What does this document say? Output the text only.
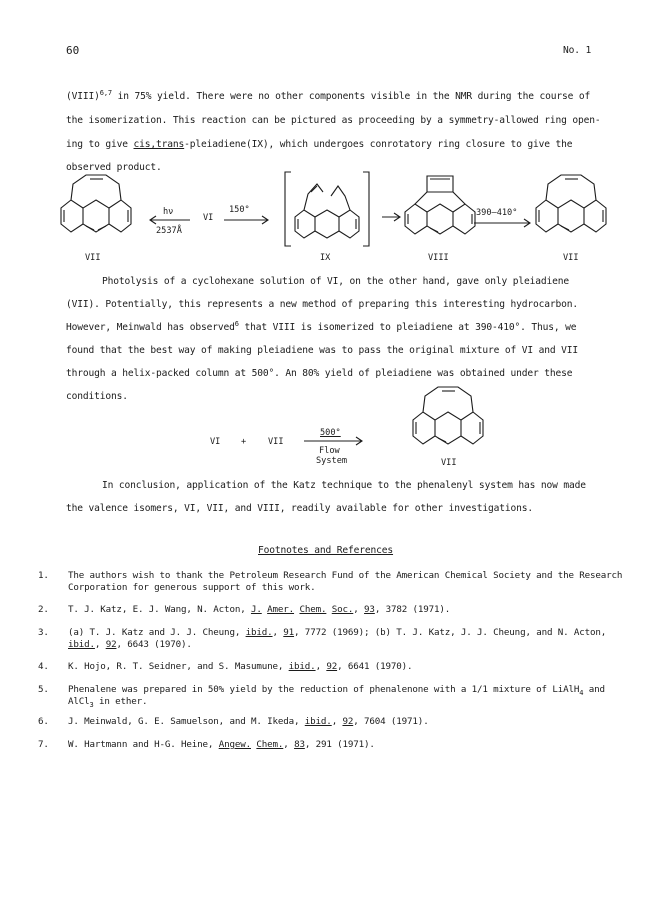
60	No. 1
(VIII)$^{6,7}$ in 75% yield. There were no other components visible in the NMR during the course of
the isomerization. This reaction can be pictured as proceeding by a symmetry-allowed ring open-
ing to give cis,trans-pleiadiene(IX), which undergoes conrotatory ring closure to give the
observed product.
VII
hν
2537Å
VI
150°
IX	VIII
390–410°
VII
Photolysis of a cyclohexane solution of VI, on the other hand, gave only pleiadiene
(VII). Potentially, this represents a new method of preparing this interesting hydrocarbon.
However, Meinwald has observed$^6$ that VIII is isomerized to pleiadiene at 390-410°. Thus, we
found that the best way of making pleiadiene was to pass the original mixture of VI and VII
through a helix-packed column at 500°. An 80% yield of pleiadiene was obtained under these
conditions.
VI +	VII
500°
Flow
System	VII
In conclusion, application of the Katz technique to the phenalenyl system has now made
the valence isomers, VI, VII, and VIII, readily available for other investigations.
Footnotes and References
1. The authors wish to thank the Petroleum Research Fund of the American Chemical Society and the Research Corporation for generous support of this work.
2. T. J. Katz, E. J. Wang, N. Acton, J. Amer. Chem. Soc., 93, 3782 (1971).
3. (a) T. J. Katz and J. J. Cheung, ibid., 91, 7772 (1969); (b) T. J. Katz, J. J. Cheung, and N. Acton, ibid., 92, 6643 (1970).
4. K. Hojo, R. T. Seidner, and S. Masumune, ibid., 92, 6641 (1970).
5. Phenalene was prepared in 50% yield by the reduction of phenalenone with a 1/1 mixture of LiAlH$_4$ and AlCl$_3$ in ether.
6. J. Meinwald, G. E. Samuelson, and M. Ikeda, ibid., 92, 7604 (1971).
7. W. Hartmann and H-G. Heine, Angew. Chem., 83, 291 (1971).
